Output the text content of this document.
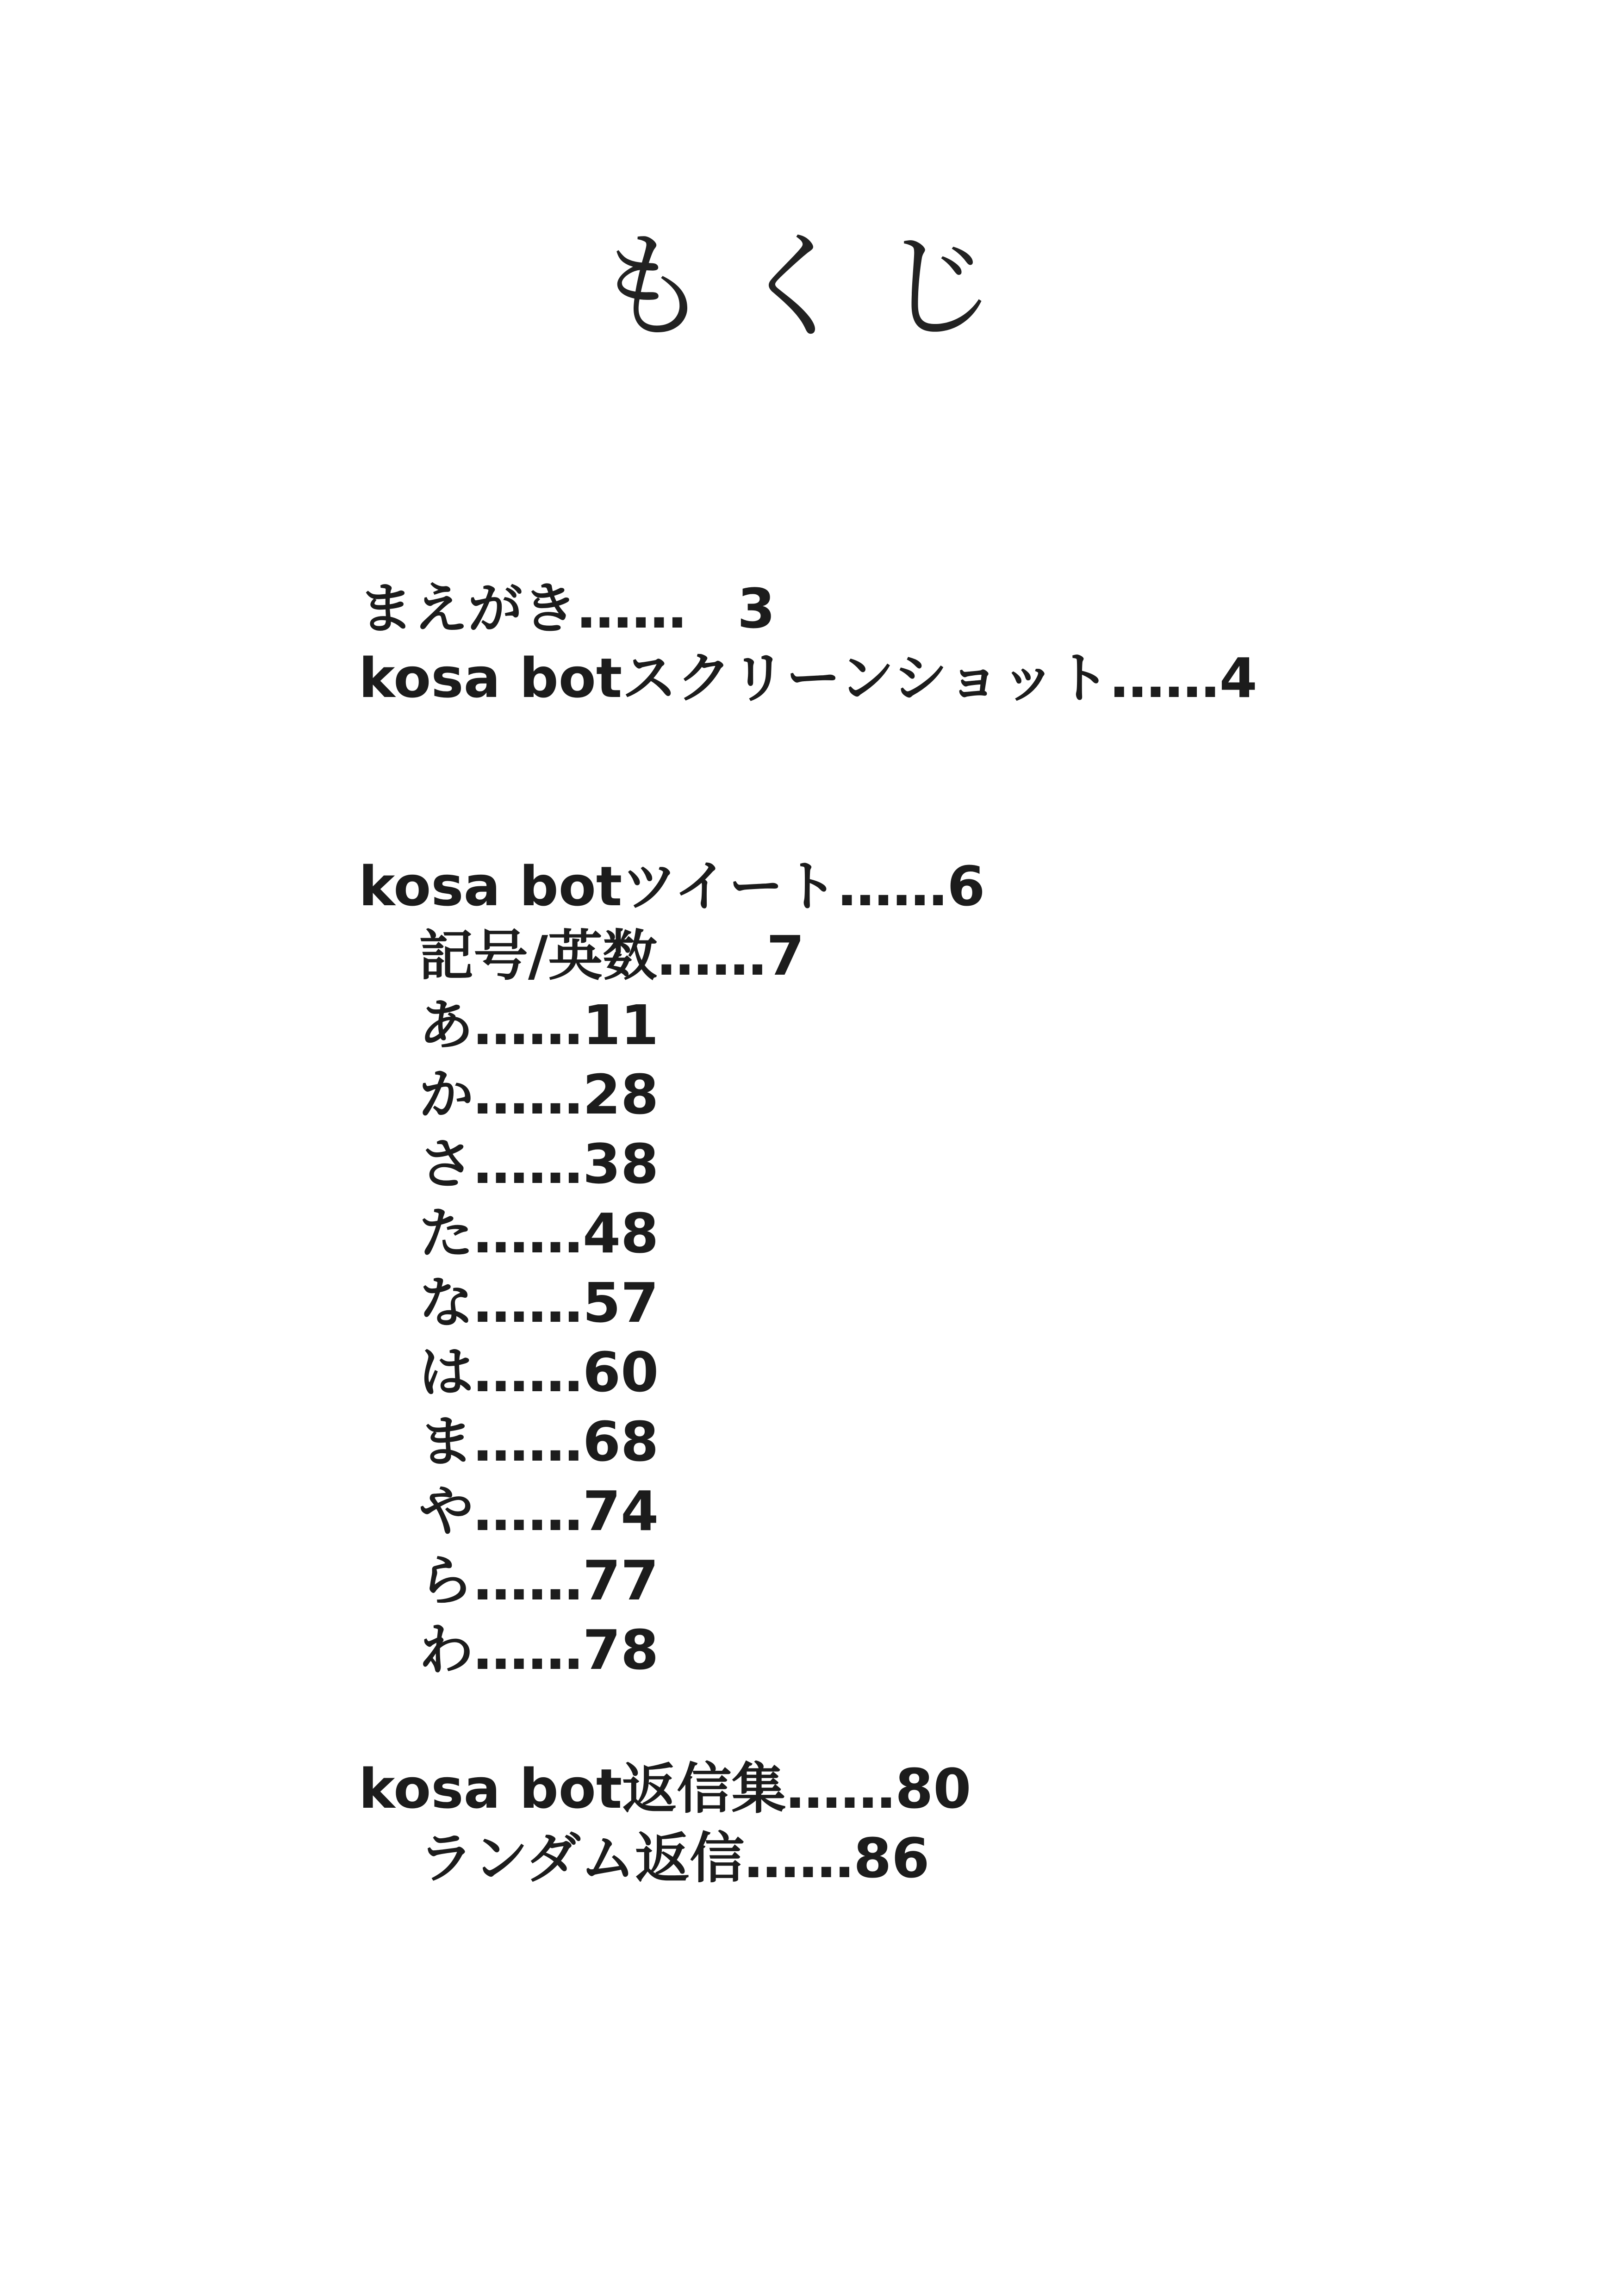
もくじ
まえがき…… 3
kosa botスクリーンショット……4
kosa botツイート……6
記号/英数……7
あ……11
か……28
さ……38
た……48
な……57
は……60
ま……68
や……74
ら……77
わ……78
kosa bot返信集……80
ランダム返信……86
